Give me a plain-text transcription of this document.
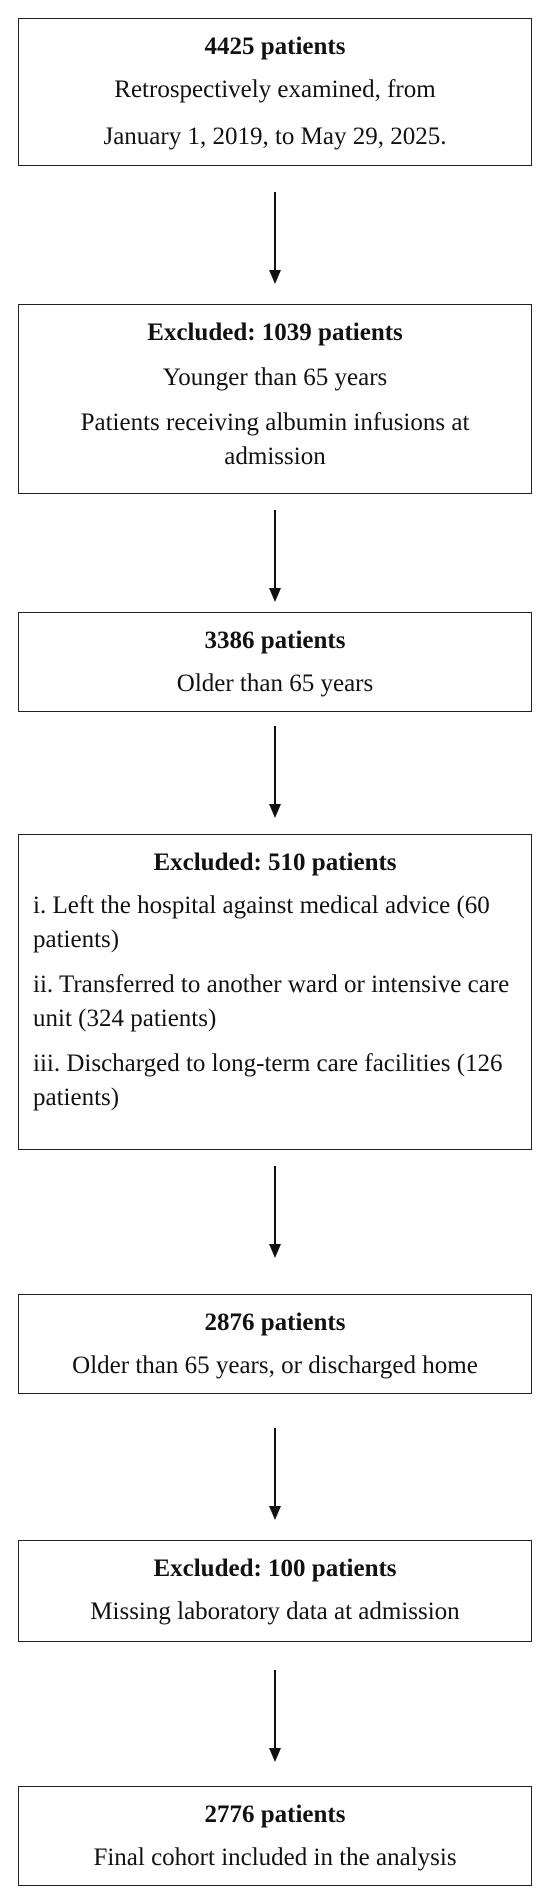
4425 patients
Retrospectively examined, from
January 1, 2019, to May 29, 2025.
Excluded: 1039 patients
Younger than 65 years
Patients receiving albumin infusions at admission
3386 patients
Older than 65 years
Excluded: 510 patients
i. Left the hospital against medical advice (60 patients)
ii. Transferred to another ward or intensive care unit (324 patients)
iii. Discharged to long-term care facilities (126 patients)
2876 patients
Older than 65 years, or discharged home
Excluded: 100 patients
Missing laboratory data at admission
2776 patients
Final cohort included in the analysis
